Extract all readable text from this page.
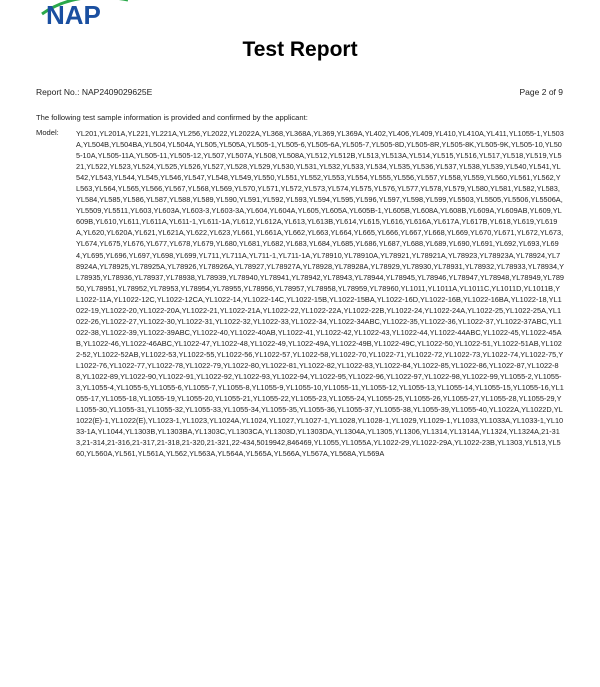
NAP
Test Report
Report No.: NAP2409029625E	Page 2 of 9
The following test sample information is provided and confirmed by the applicant:
Model: YL201,YL201A,YL221,YL221A,YL256,YL2022,YL2022A,YL368,YL368A,YL369,YL369A,YL402,YL406,YL409,YL410,YL410A,YL411,YL1055-1,YL503A,YL504B,YL504BA,YL504,YL504A,YL505,YL505A,YL505-1,YL505-6,YL505-6A,YL505-7,YL505-8D,YL505-8R,YL505-8K,YL505-9K,YL505-10,YL505-10A,YL505-11A,YL505-11,YL505-12,YL507,YL507A,YL508,YL508A,YL512,YL512B,YL513,YL513A,YL514,YL515,YL516,YL517,YL518,YL519,YL521,YL522,YL523,YL524,YL525,YL526,YL527,YL528,YL529,YL530,YL531,YL532,YL533,YL534,YL535,YL536,YL537,YL538,YL539,YL540,YL541,YL542,YL543,YL544,YL545,YL546,YL547,YL548,YL549,YL550,YL551,YL552,YL553,YL554,YL555,YL556,YL557,YL558,YL559,YL560,YL561,YL562,YL563,YL564,YL565,YL566,YL567,YL568,YL569,YL570,YL571,YL572,YL573,YL574,YL575,YL576,YL577,YL578,YL579,YL580,YL581,YL582,YL583,YL584,YL585,YL586,YL587,YL588,YL589,YL590,YL591,YL592,YL593,YL594,YL595,YL596,YL597,YL598,YL599,YL5503,YL5505,YL5506,YL5506A,YL5509,YL5511,YL603,YL603A,YL603-3,YL603-3A,YL604,YL604A,YL605,YL605A,YL605B-1,YL605B,YL608A,YL608B,YL609A,YL609AB,YL609,YL609B,YL610,YL611,YL611A,YL611-1,YL611-1A,YL612,YL612A,YL613,YL613B,YL614,YL615,YL616,YL616A,YL617A,YL617B,YL618,YL619,YL619A,YL620,YL620A,YL621,YL621A,YL622,YL623,YL661,YL661A,YL662,YL663,YL664,YL665,YL666,YL667,YL668,YL669,YL670,YL671,YL672,YL673,YL674,YL675,YL676,YL677,YL678,YL679,YL680,YL681,YL682,YL683,YL684,YL685,YL686,YL687,YL688,YL689,YL690,YL691,YL692,YL693,YL694,YL695,YL696,YL697,YL698,YL699,YL711,YL711A,YL711-1,YL711-1A,YL78910,YL78910A,YL78921,YL78921A,YL78923,YL78923A,YL78924,YL78924A,YL78925,YL78925A,YL78926,YL78926A,YL78927,YL78927A,YL78928,YL78928A,YL78929,YL78930,YL78931,YL78932,YL78933,YL78934,YL78935,YL78936,YL78937,YL78938,YL78939,YL78940,YL78941,YL78942,YL78943,YL78944,YL78945,YL78946,YL78947,YL78948,YL78949,YL78950,YL78951,YL78952,YL78953,YL78954,YL78955,YL78956,YL78957,YL78958,YL78959,YL78960,YL1011,YL1011A,YL1011C,YL1011D,YL1011B,YL1022-11A,YL1022-12C,YL1022-12CA,YL1022-14,YL1022-14C,YL1022-15B,YL1022-15BA,YL1022-16D,YL1022-16B,YL1022-16BA,YL1022-18,YL1022-19,YL1022-20,YL1022-20A,YL1022-21,YL1022-21A,YL1022-22,YL1022-22A,YL1022-22B,YL1022-24,YL1022-24A,YL1022-25,YL1022-25A,YL1022-26,YL1022-27,YL1022-30,YL1022-31,YL1022-32,YL1022-33,YL1022-34,YL1022-34ABC,YL1022-35,YL1022-36,YL1022-37,YL1022-37ABC,YL1022-38,YL1022-39,YL1022-39ABC,YL1022-40,YL1022-40AB,YL1022-41,YL1022-42,YL1022-43,YL1022-44,YL1022-44ABC,YL1022-45,YL1022-45AB,YL1022-46,YL1022-46ABC,YL1022-47,YL1022-48,YL1022-49,YL1022-49A,YL1022-49B,YL1022-49C,YL1022-50,YL1022-51,YL1022-51AB,YL1022-52,YL1022-52AB,YL1022-53,YL1022-55,YL1022-56,YL1022-57,YL1022-58,YL1022-70,YL1022-71,YL1022-72,YL1022-73,YL1022-74,YL1022-75,YL1022-76,YL1022-77,YL1022-78,YL1022-79,YL1022-80,YL1022-81,YL1022-82,YL1022-83,YL1022-84,YL1022-85,YL1022-86,YL1022-87,YL1022-88,YL1022-89,YL1022-90,YL1022-91,YL1022-92,YL1022-93,YL1022-94,YL1022-95,YL1022-96,YL1022-97,YL1022-98,YL1022-99,YL1055-2,YL1055-3,YL1055-4,YL1055-5,YL1055-6,YL1055-7,YL1055-8,YL1055-9,YL1055-10,YL1055-11,YL1055-12,YL1055-13,YL1055-14,YL1055-15,YL1055-16,YL1055-17,YL1055-18,YL1055-19,YL1055-20,YL1055-21,YL1055-22,YL1055-23,YL1055-24,YL1055-25,YL1055-26,YL1055-27,YL1055-28,YL1055-29,YL1055-30,YL1055-31,YL1055-32,YL1055-33,YL1055-34,YL1055-35,YL1055-36,YL1055-37,YL1055-38,YL1055-39,YL1055-40,YL1022A,YL1022D,YL1022(E)-1,YL1022(E),YL1023-1,YL1023,YL1024A,YL1024,YL1027,YL1027-1,YL1028,YL1028-1,YL1029,YL1029-1,YL1033,YL1033A,YL1033-1,YL1033-1A,YL1044,YL1303B,YL1303BA,YL1303C,YL1303CA,YL1303D,YL1303DA,YL1304A,YL1305,YL1306,YL1314,YL1314A,YL1324,YL1324A,21-313,21-314,21-316,21-317,21-318,21-320,21-321,22-434,5019942,846469,YL1055,YL1055A,YL1022-29,YL1022-29A,YL1022-23B,YL1303,YL513,YL560,YL560A,YL561,YL561A,YL562,YL563A,YL564A,YL565A,YL566A,YL567A,YL568A,YL569A
